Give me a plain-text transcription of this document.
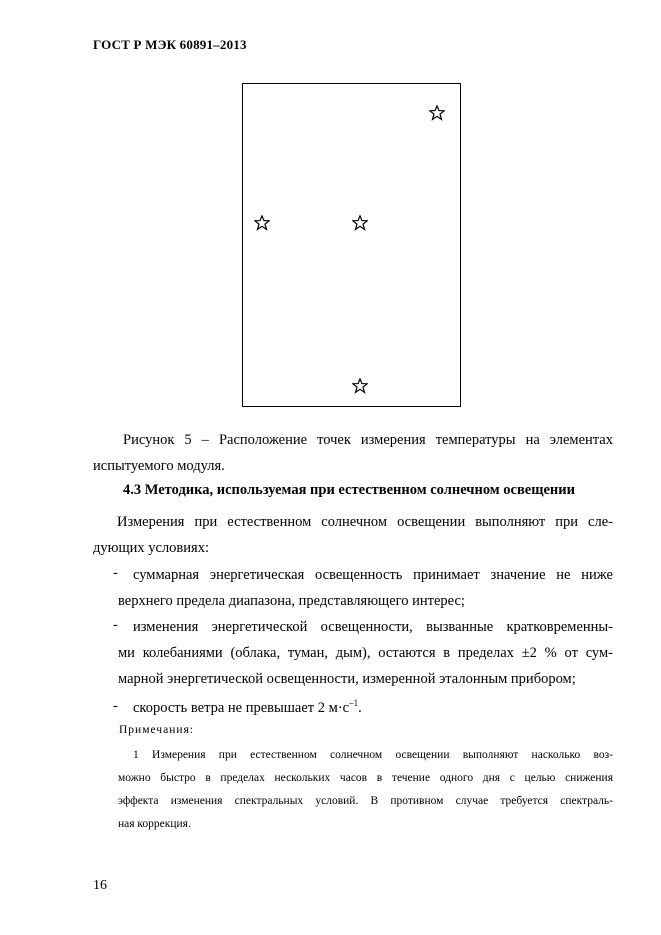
ГОСТ Р МЭК 60891–2013
Рисунок 5 – Расположение точек измерения температуры на элементах
испытуемого модуля.
4.3 Методика, используемая при естественном солнечном освещении
Измерения при естественном солнечном освещении выполняют при сле-
дующих условиях:
- суммарная энергетическая освещенность принимает значение не ниже
верхнего предела диапазона, представляющего интерес;
- изменения энергетической освещенности, вызванные кратковременны-
ми колебаниями (облака, туман, дым), остаются в пределах ±2 % от сум-
марной энергетической освещенности, измеренной эталонным прибором;
- скорость ветра не превышает 2 $м\cdot с^{-1}$.
Примечания:
1 Измерения при естественном солнечном освещении выполняют насколько воз-
можно быстро в пределах нескольких часов в течение одного дня с целью снижения
эффекта изменения спектральных условий. В противном случае требуется спектраль-
ная коррекция.
16
